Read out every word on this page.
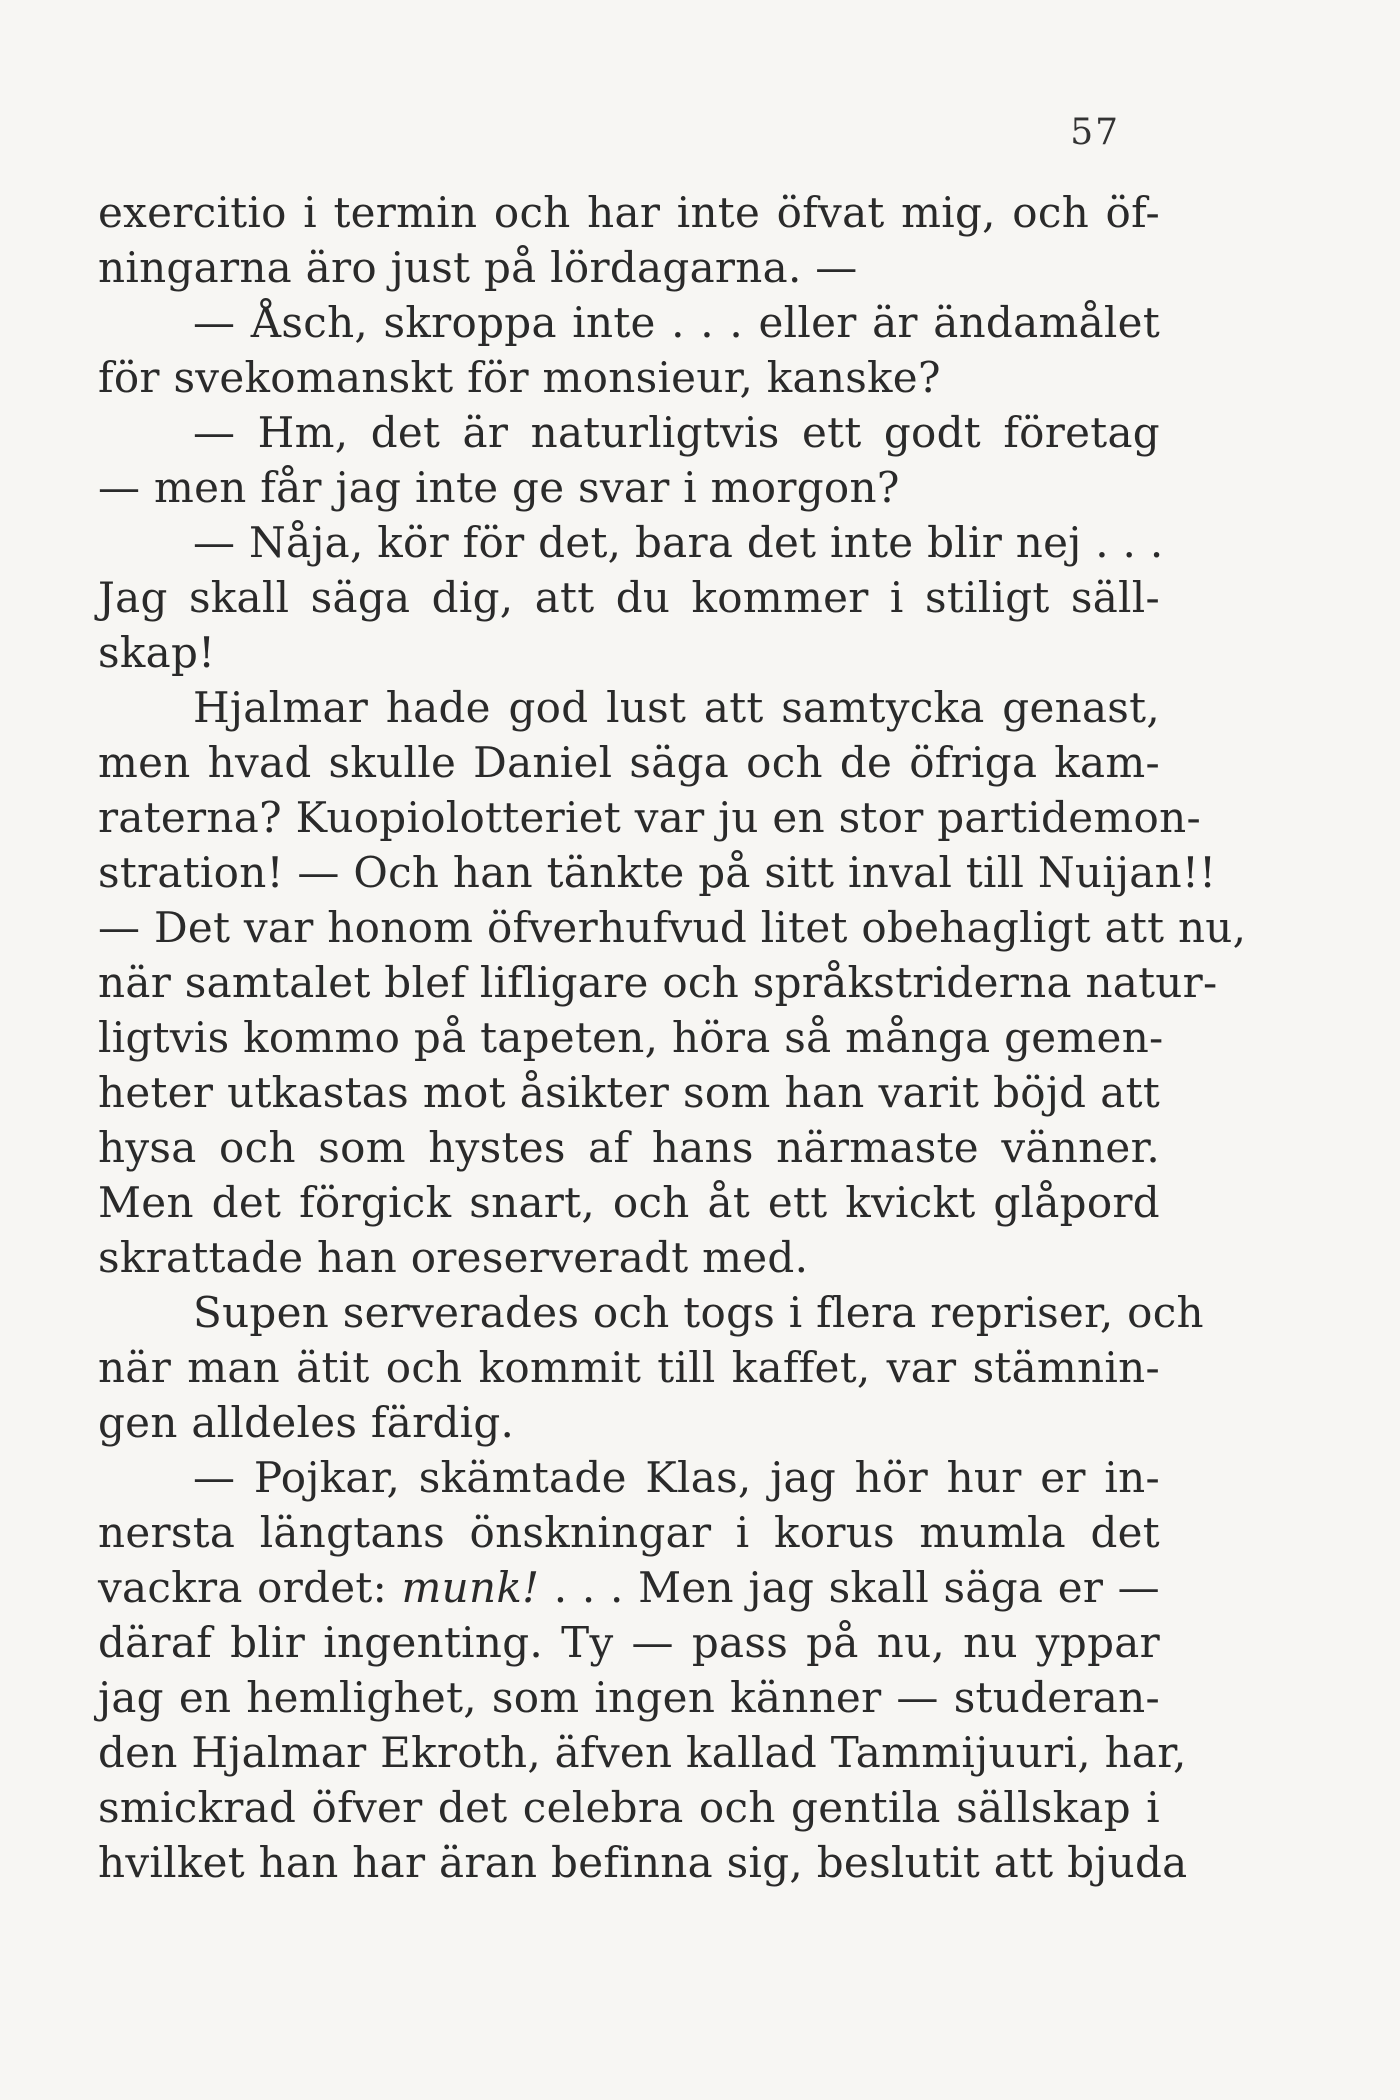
57
exercitio i termin och har inte öfvat mig, och öf-
ningarna äro just på lördagarna. —
— Åsch, skroppa inte . . . eller är ändamålet
för svekomanskt för monsieur, kanske?
— Hm, det är naturligtvis ett godt företag
— men får jag inte ge svar i morgon?
— Nåja, kör för det, bara det inte blir nej . . .
Jag skall säga dig, att du kommer i stiligt säll-
skap!
Hjalmar hade god lust att samtycka genast,
men hvad skulle Daniel säga och de öfriga kam-
raterna? Kuopiolotteriet var ju en stor partidemon-
stration! — Och han tänkte på sitt inval till Nuijan!!
— Det var honom öfverhufvud litet obehagligt att nu,
när samtalet blef lifligare och språkstriderna natur-
ligtvis kommo på tapeten, höra så många gemen-
heter utkastas mot åsikter som han varit böjd att
hysa och som hystes af hans närmaste vänner.
Men det förgick snart, och åt ett kvickt glåpord
skrattade han oreserveradt med.
Supen serverades och togs i flera repriser, och
när man ätit och kommit till kaffet, var stämnin-
gen alldeles färdig.
— Pojkar, skämtade Klas, jag hör hur er in-
nersta längtans önskningar i korus mumla det
vackra ordet: munk! . . . Men jag skall säga er —
däraf blir ingenting. Ty — pass på nu, nu yppar
jag en hemlighet, som ingen känner — studeran-
den Hjalmar Ekroth, äfven kallad Tammijuuri, har,
smickrad öfver det celebra och gentila sällskap i
hvilket han har äran befinna sig, beslutit att bjuda
